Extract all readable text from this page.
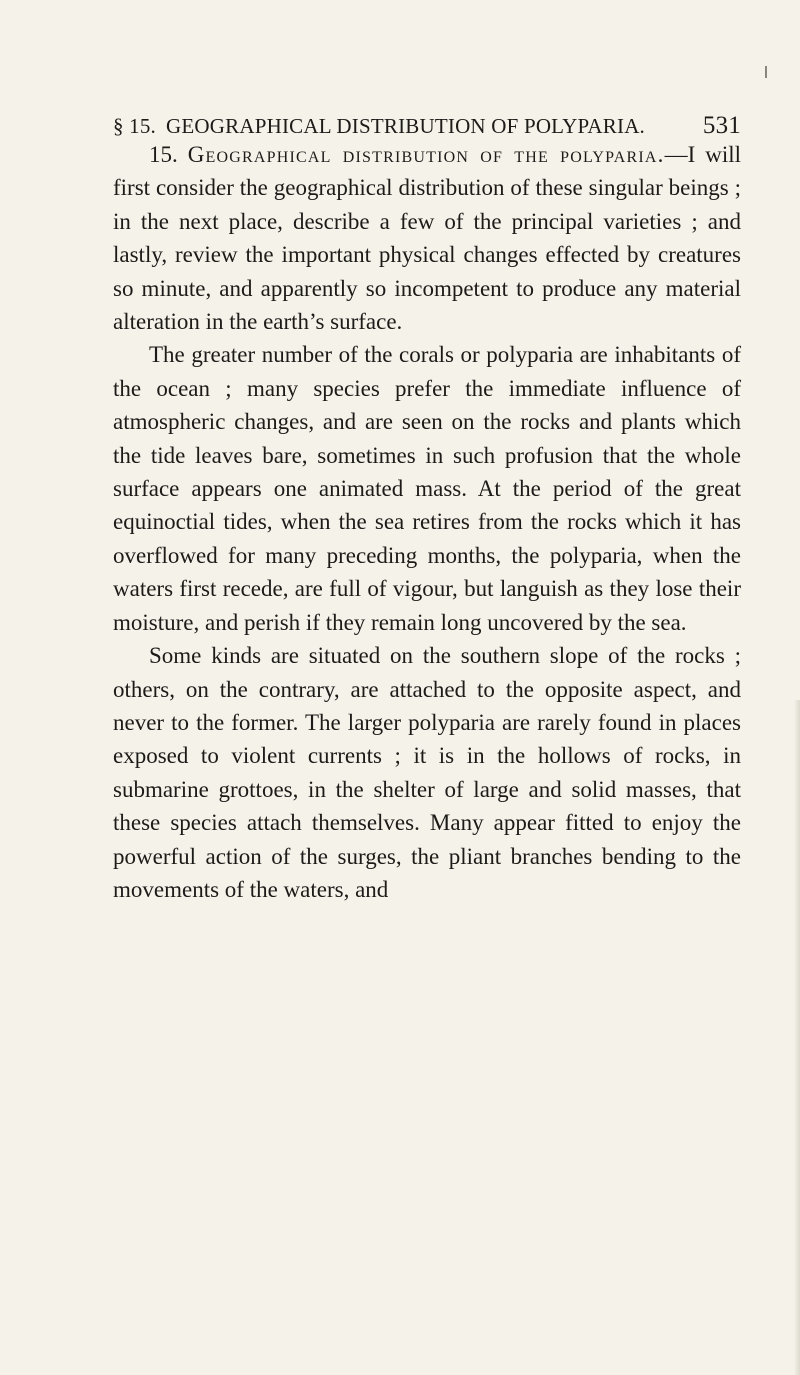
§ 15. GEOGRAPHICAL DISTRIBUTION OF POLYPARIA.	531

15. Geographical distribution of the polyparia.—I will first consider the geographical distribution of these singular beings ; in the next place, describe a few of the principal varieties ; and lastly, review the important physical changes effected by creatures so minute, and apparently so incompetent to produce any material alteration in the earth’s surface.

The greater number of the corals or polyparia are inhabitants of the ocean ; many species prefer the immediate influence of atmospheric changes, and are seen on the rocks and plants which the tide leaves bare, sometimes in such profusion that the whole surface appears one animated mass. At the period of the great equinoctial tides, when the sea retires from the rocks which it has overflowed for many preceding months, the polyparia, when the waters first recede, are full of vigour, but languish as they lose their moisture, and perish if they remain long uncovered by the sea.

Some kinds are situated on the southern slope of the rocks ; others, on the contrary, are attached to the opposite aspect, and never to the former. The larger polyparia are rarely found in places exposed to violent currents ; it is in the hollows of rocks, in submarine grottoes, in the shelter of large and solid masses, that these species attach themselves. Many appear fitted to enjoy the powerful action of the surges, the pliant branches bending to the movements of the waters, and
